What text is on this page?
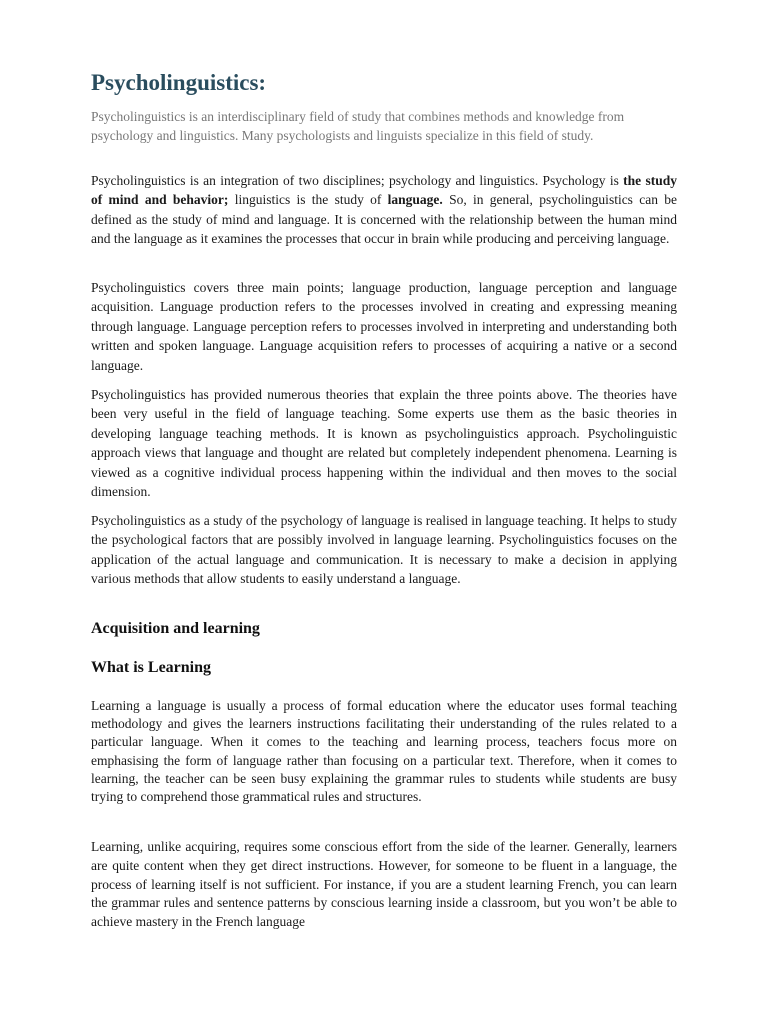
Psycholinguistics:

Psycholinguistics is an interdisciplinary field of study that combines methods and knowledge from psychology and linguistics. Many psychologists and linguists specialize in this field of study.

Psycholinguistics is an integration of two disciplines; psychology and linguistics. Psychology is the study of mind and behavior; linguistics is the study of language. So, in general, psycholinguistics can be defined as the study of mind and language. It is concerned with the relationship between the human mind and the language as it examines the processes that occur in brain while producing and perceiving language.

Psycholinguistics covers three main points; language production, language perception and language acquisition. Language production refers to the processes involved in creating and expressing meaning through language. Language perception refers to processes involved in interpreting and understanding both written and spoken language. Language acquisition refers to processes of acquiring a native or a second language.

Psycholinguistics has provided numerous theories that explain the three points above. The theories have been very useful in the field of language teaching. Some experts use them as the basic theories in developing language teaching methods. It is known as psycholinguistics approach. Psycholinguistic approach views that language and thought are related but completely independent phenomena. Learning is viewed as a cognitive individual process happening within the individual and then moves to the social dimension.

Psycholinguistics as a study of the psychology of language is realised in language teaching. It helps to study the psychological factors that are possibly involved in language learning. Psycholinguistics focuses on the application of the actual language and communication. It is necessary to make a decision in applying various methods that allow students to easily understand a language.

Acquisition and learning
What is Learning

Learning a language is usually a process of formal education where the educator uses formal teaching methodology and gives the learners instructions facilitating their understanding of the rules related to a particular language. When it comes to the teaching and learning process, teachers focus more on emphasising the form of language rather than focusing on a particular text. Therefore, when it comes to learning, the teacher can be seen busy explaining the grammar rules to students while students are busy trying to comprehend those grammatical rules and structures.

Learning, unlike acquiring, requires some conscious effort from the side of the learner. Generally, learners are quite content when they get direct instructions. However, for someone to be fluent in a language, the process of learning itself is not sufficient. For instance, if you are a student learning French, you can learn the grammar rules and sentence patterns by conscious learning inside a classroom, but you won’t be able to achieve mastery in the French language
